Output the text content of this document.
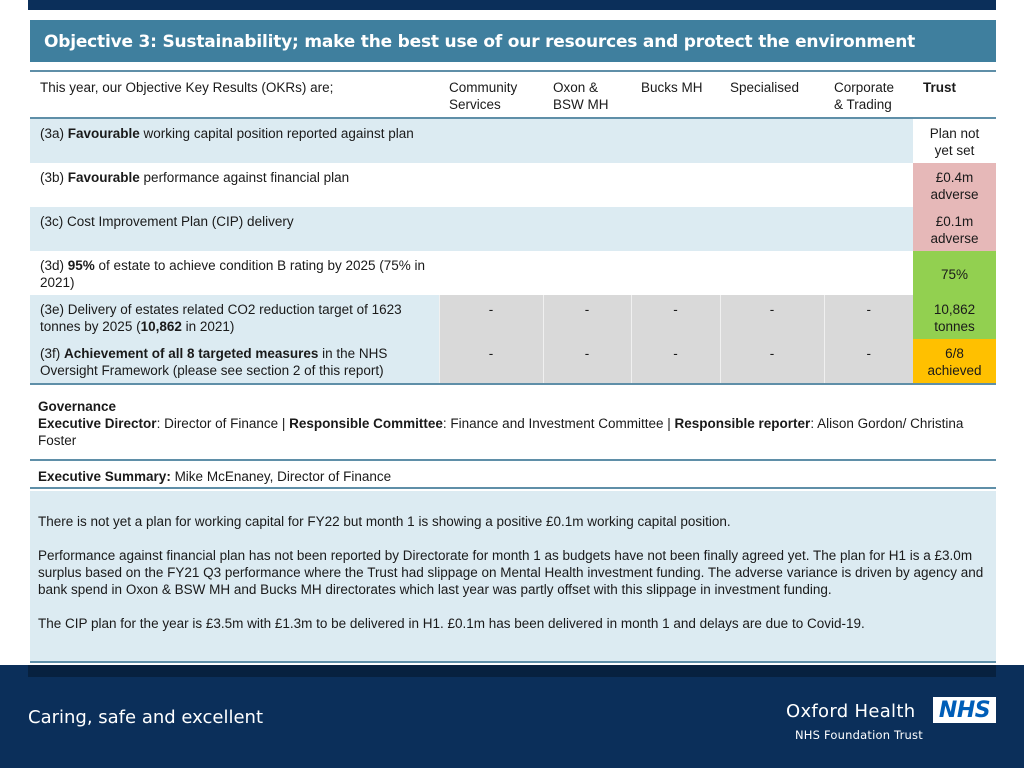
Objective 3: Sustainability; make the best use of our resources and protect the environment
This year, our Objective Key Results (OKRs) are;	Community
Services	Oxon &
BSW MH	Bucks MH	Specialised	Corporate
& Trading	Trust
(3a) Favourable working capital position reported against plan						Plan not
yet set
(3b) Favourable performance against financial plan						£0.4m
adverse
(3c) Cost Improvement Plan (CIP) delivery						£0.1m
adverse
(3d) 95% of estate to achieve condition B rating by 2025 (75% in 2021)						75%
(3e) Delivery of estates related CO2 reduction target of 1623 tonnes by 2025 (10,862 in 2021)	-	-	-	-	-	10,862
tonnes
(3f) Achievement of all 8 targeted measures in the NHS Oversight Framework (please see section 2 of this report)	-	-	-	-	-	6/8
achieved
Governance
Executive Director: Director of Finance | Responsible Committee: Finance and Investment Committee | Responsible reporter: Alison Gordon/ Christina Foster
Executive Summary: Mike McEnaney, Director of Finance

There is not yet a plan for working capital for FY22 but month 1 is showing a positive £0.1m working capital position.

Performance against financial plan has not been reported by Directorate for month 1 as budgets have not been finally agreed yet. The plan for H1 is a £3.0m surplus based on the FY21 Q3 performance where the Trust had slippage on Mental Health investment funding. The adverse variance is driven by agency and bank spend in Oxon & BSW MH and Bucks MH directorates which last year was partly offset with this slippage in investment funding.

The CIP plan for the year is £3.5m with £1.3m to be delivered in H1. £0.1m has been delivered in month 1 and delays are due to Covid-19.

Caring, safe and excellent	Oxford Health
NHS Foundation Trust
NHS
